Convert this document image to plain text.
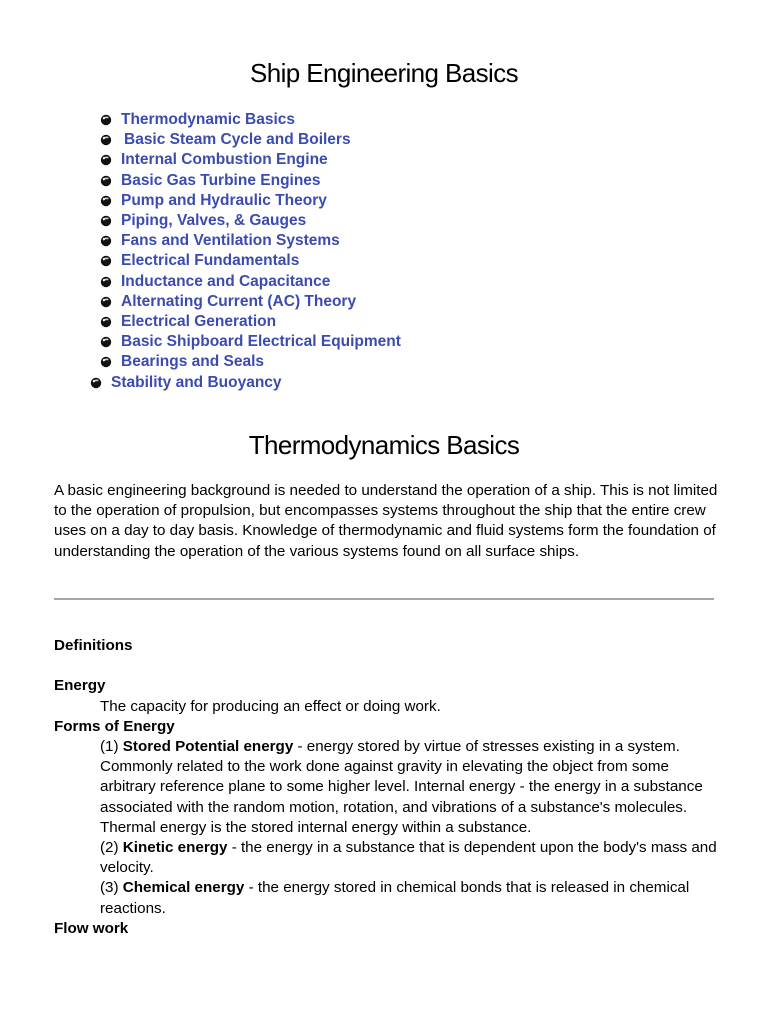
Ship Engineering Basics
Thermodynamic Basics
Basic Steam Cycle and Boilers
Internal Combustion Engine
Basic Gas Turbine Engines
Pump and Hydraulic Theory
Piping, Valves, & Gauges
Fans and Ventilation Systems
Electrical Fundamentals
Inductance and Capacitance
Alternating Current (AC) Theory
Electrical Generation
Basic Shipboard Electrical Equipment
Bearings and Seals
Stability and Buoyancy
Thermodynamics Basics

A basic engineering background is needed to understand the operation of a ship. This is not limited to the operation of propulsion, but encompasses systems throughout the ship that the entire crew uses on a day to day basis. Knowledge of thermodynamic and fluid systems form the foundation of understanding the operation of the various systems found on all surface ships.

Definitions

Energy

The capacity for producing an effect or doing work.

Forms of Energy

(1) Stored Potential energy - energy stored by virtue of stresses existing in a system. Commonly related to the work done against gravity in elevating the object from some arbitrary reference plane to some higher level. Internal energy - the energy in a substance associated with the random motion, rotation, and vibrations of a substance's molecules. Thermal energy is the stored internal energy within a substance.

(2) Kinetic energy - the energy in a substance that is dependent upon the body's mass and velocity.

(3) Chemical energy - the energy stored in chemical bonds that is released in chemical reactions.

Flow work
